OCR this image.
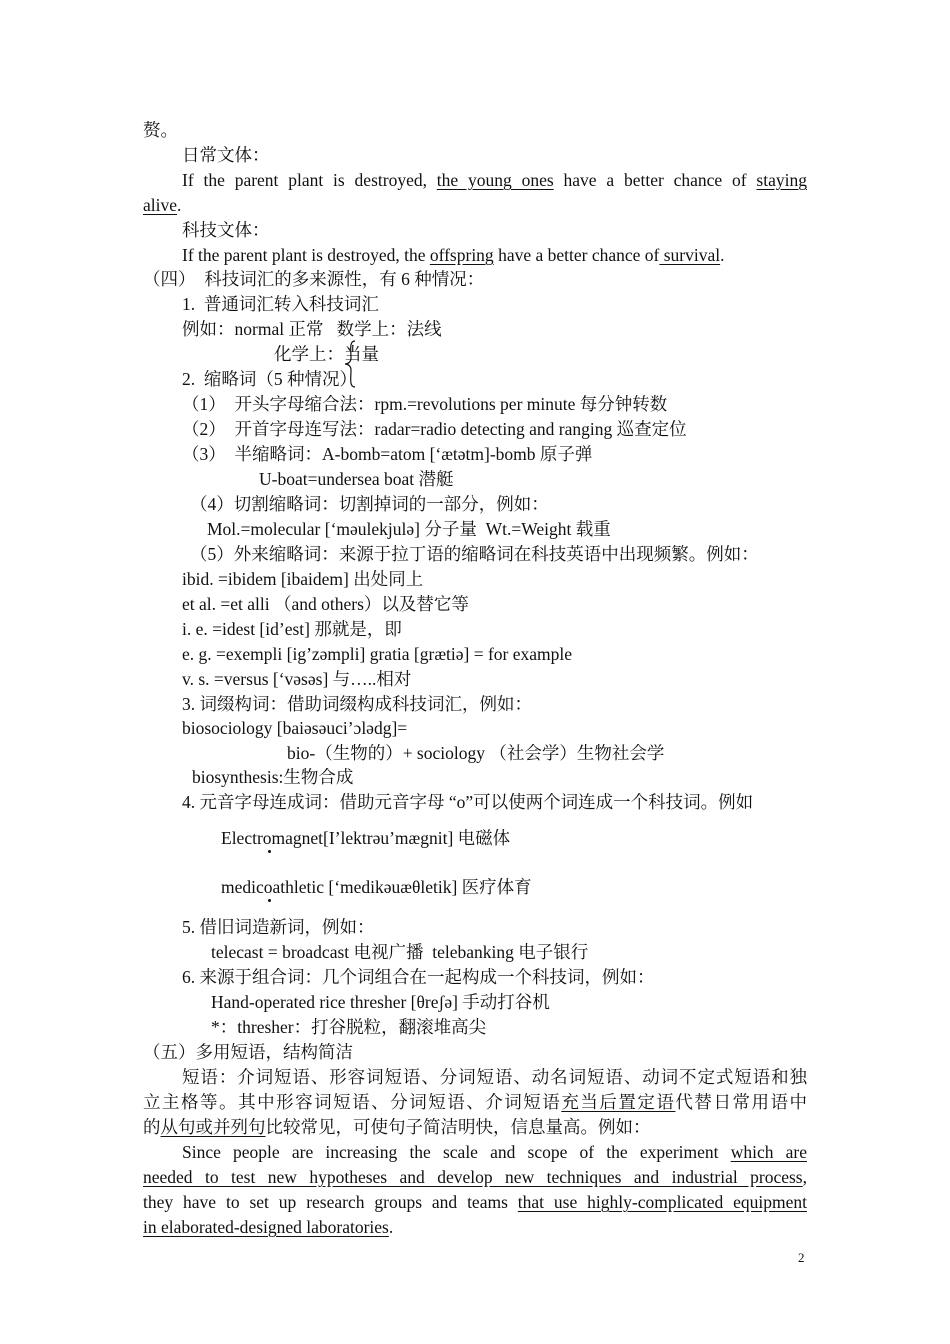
赘。
日常文体：
If the parent plant is destroyed, the young ones have a better chance of staying
alive.
科技文体：
If the parent plant is destroyed, the offspring have a better chance of survival.
（四）  科技词汇的多来源性，有 6 种情况：
1.  普通词汇转入科技词汇
例如：normal 正常   数学上：法线
化学上：当量
2.  缩略词（5 种情况）
（1）  开头字母缩合法：rpm.=revolutions per minute 每分钟转数
（2）  开首字母连写法：radar=radio detecting and ranging 巡查定位
（3）  半缩略词：A-bomb=atom [‘ætətm]-bomb 原子弹
U-boat=undersea boat 潜艇
（4）切割缩略词：切割掉词的一部分，例如：
Mol.=molecular [‘məulekjulə] 分子量  Wt.=Weight 载重
（5）外来缩略词：来源于拉丁语的缩略词在科技英语中出现频繁。例如：
ibid. =ibidem [ibaidem] 出处同上
et al. =et alli （and others）以及替它等
i. e. =idest [id’est] 那就是，即
e. g. =exempli [ig’zəmpli] gratia [grætiə] = for example
v. s. =versus [‘vəsəs] 与…..相对
3. 词缀构词：借助词缀构成科技词汇，例如：
biosociology [baiəsəuci’ɔlədg]=
bio-（生物的）+ sociology （社会学）生物社会学
biosynthesis:生物合成
4. 元音字母连成词：借助元音字母 “o”可以使两个词连成一个科技词。例如
Electromagnet[I’lektrəu’mægnit] 电磁体
medicoathletic [‘medikəuæθletik] 医疗体育
5. 借旧词造新词，例如：
telecast = broadcast 电视广播  telebanking 电子银行
6. 来源于组合词：几个词组合在一起构成一个科技词，例如：
Hand-operated rice thresher [θreʃə] 手动打谷机
*：thresher：打谷脱粒，翻滚堆高尖
（五）多用短语，结构简洁
短语：介词短语、形容词短语、分词短语、动名词短语、动词不定式短语和独
立主格等。其中形容词短语、分词短语、介词短语充当后置定语代替日常用语中
的从句或并列句比较常见，可使句子简洁明快，信息量高。例如：
Since people are increasing the scale and scope of the experiment which are
needed to test new hypotheses and develop new techniques and industrial process,
they have to set up research groups and teams that use highly-complicated equipment
in elaborated-designed laboratories.
2
